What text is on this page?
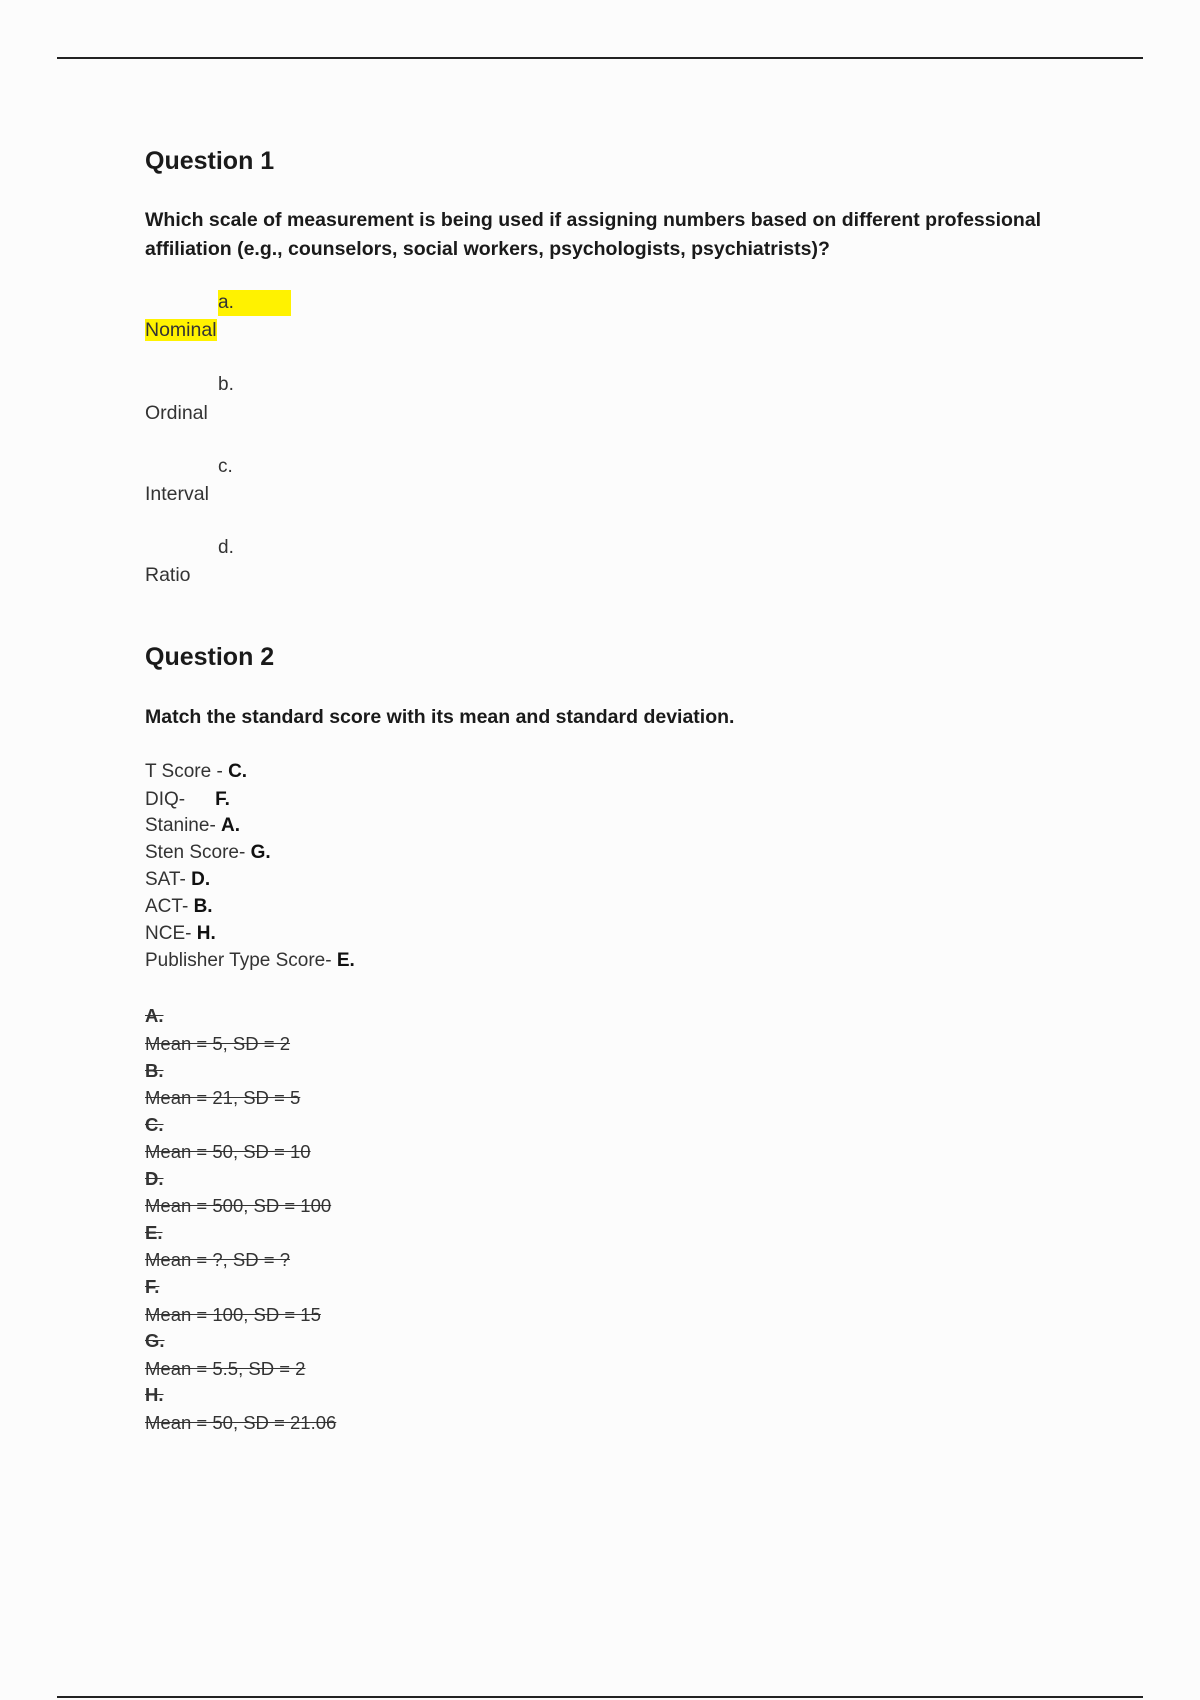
Question 1
Which scale of measurement is being used if assigning numbers based on different professional affiliation (e.g., counselors, social workers, psychologists, psychiatrists)?
a.
Nominal
b.
Ordinal
c.
Interval
d.
Ratio
Question 2
Match the standard score with its mean and standard deviation.
T Score - C.
DIQ- F.
Stanine- A.
Sten Score- G.
SAT- D.
ACT- B.
NCE- H.
Publisher Type Score- E.
A.
Mean = 5, SD = 2
B.
Mean = 21, SD = 5
C.
Mean = 50, SD = 10
D.
Mean = 500, SD = 100
E.
Mean = ?, SD = ?
F.
Mean = 100, SD = 15
G.
Mean = 5.5, SD = 2
H.
Mean = 50, SD = 21.06
